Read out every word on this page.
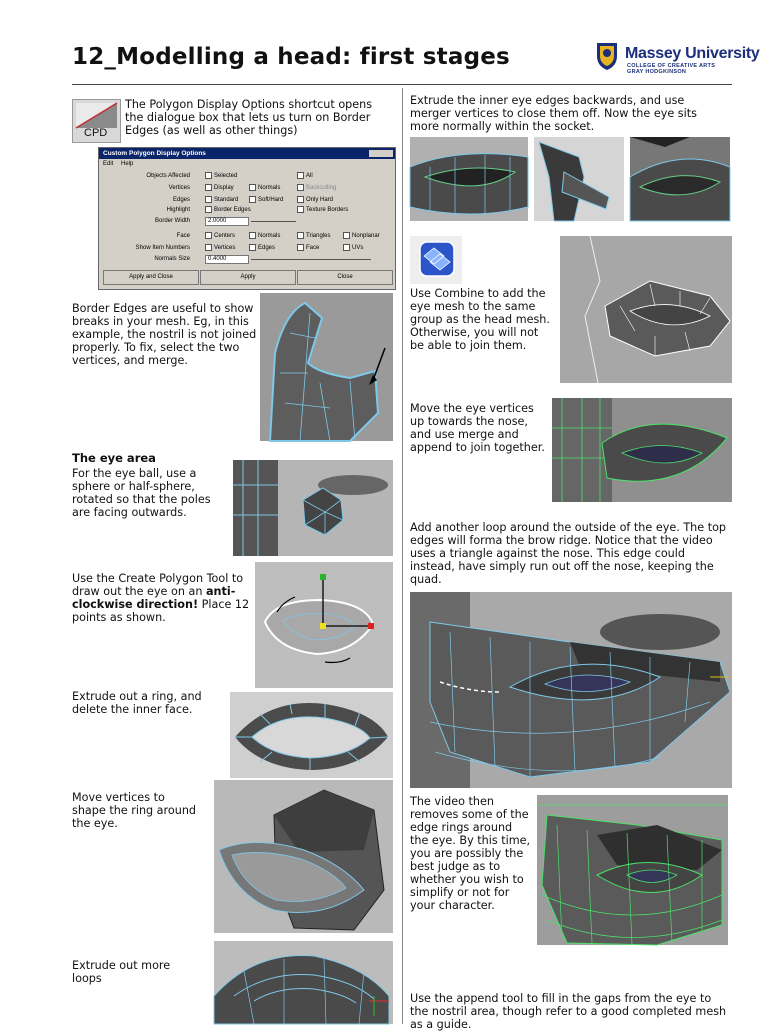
12_Modelling a head: first stages	Massey University
COLLEGE OF CREATIVE ARTS
GRAY HODGKINSON
CPD
The Polygon Display Options shortcut opens the dialogue box that lets us turn on Border Edges (as well as other things)
Custom Polygon Display Options
Edit Help
Objects Affected	Selected	All
Vertices	Display	Normals	Backculling
Edges	Standard	Soft/Hard	Only Hard
Highlight	Border Edges	Texture Borders
Border Width	2.0000
Face	Centers	Normals	Triangles	Nonplanar
Show Item Numbers	Vertices	Edges	Face	UVs
Normals Size	0.4000
Apply and Close	Apply	Close
Border Edges are useful to show breaks in your mesh. Eg, in this example, the nostril is not joined properly. To fix, select the two vertices, and merge.
The eye area
For the eye ball, use a sphere or half-sphere, rotated so that the poles are facing outwards.
Use the Create Polygon Tool to draw out the eye on an anti-clockwise direction! Place 12 points as shown.
Extrude out a ring, and delete the inner face.
Move vertices to shape the ring around the eye.
Extrude out more loops
Extrude the inner eye edges backwards, and use merger vertices to close them off. Now the eye sits more normally within the socket.
Use Combine to add the eye mesh to the same group as the head mesh. Otherwise, you will not be able to join them.
Move the eye vertices up towards the nose, and use merge and append to join together.
Add another loop around the outside of the eye. The top edges will forma the brow ridge. Notice that the video uses a triangle against the nose. This edge could instead, have simply run out off the nose, keeping the quad.
The video then removes some of the edge rings around the eye. By this time, you are possibly the best judge as to whether you wish to simplify or not for your character.
Use the append tool to fill in the gaps from the eye to the nostril area, though refer to a good completed mesh as a guide.
